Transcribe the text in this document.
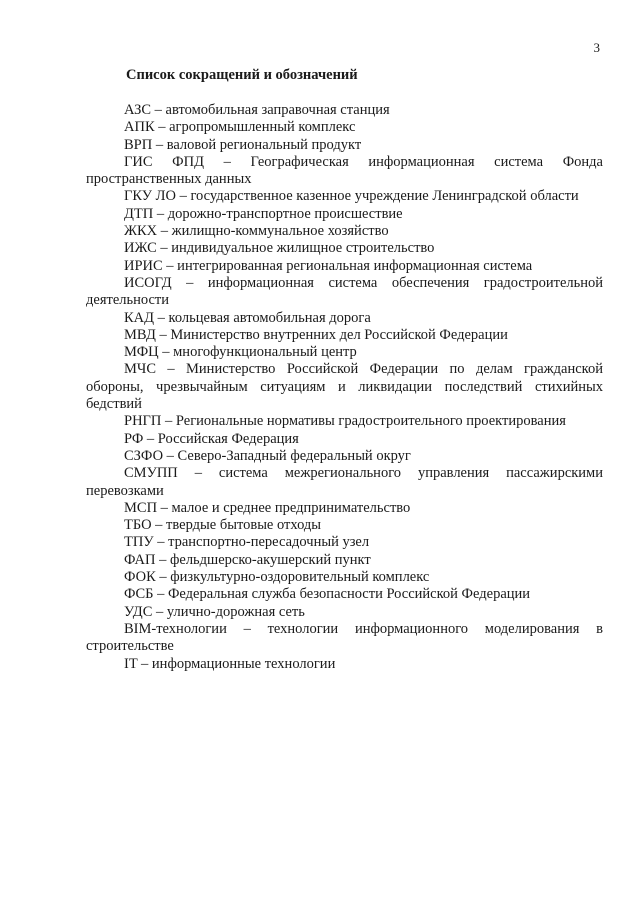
3
Список сокращений и обозначений
АЗС – автомобильная заправочная станция
АПК – агропромышленный комплекс
ВРП – валовой региональный продукт
ГИС ФПД – Географическая информационная система Фонда пространственных данных
ГКУ ЛО – государственное казенное учреждение Ленинградской области
ДТП – дорожно-транспортное происшествие
ЖКХ – жилищно-коммунальное хозяйство
ИЖС – индивидуальное жилищное строительство
ИРИС – интегрированная региональная информационная система
ИСОГД – информационная система обеспечения градостроительной деятельности
КАД – кольцевая автомобильная дорога
МВД – Министерство внутренних дел Российской Федерации
МФЦ – многофункциональный центр
МЧС – Министерство Российской Федерации по делам гражданской обороны, чрезвычайным ситуациям и ликвидации последствий стихийных бедствий
РНГП – Региональные нормативы градостроительного проектирования
РФ – Российская Федерация
СЗФО – Северо-Западный федеральный округ
СМУПП – система межрегионального управления пассажирскими перевозками
МСП – малое и среднее предпринимательство
ТБО – твердые бытовые отходы
ТПУ – транспортно-пересадочный узел
ФАП – фельдшерско-акушерский пункт
ФОК – физкультурно-оздоровительный комплекс
ФСБ – Федеральная служба безопасности Российской Федерации
УДС – улично-дорожная сеть
BIM-технологии – технологии информационного моделирования в строительстве
IT – информационные технологии
